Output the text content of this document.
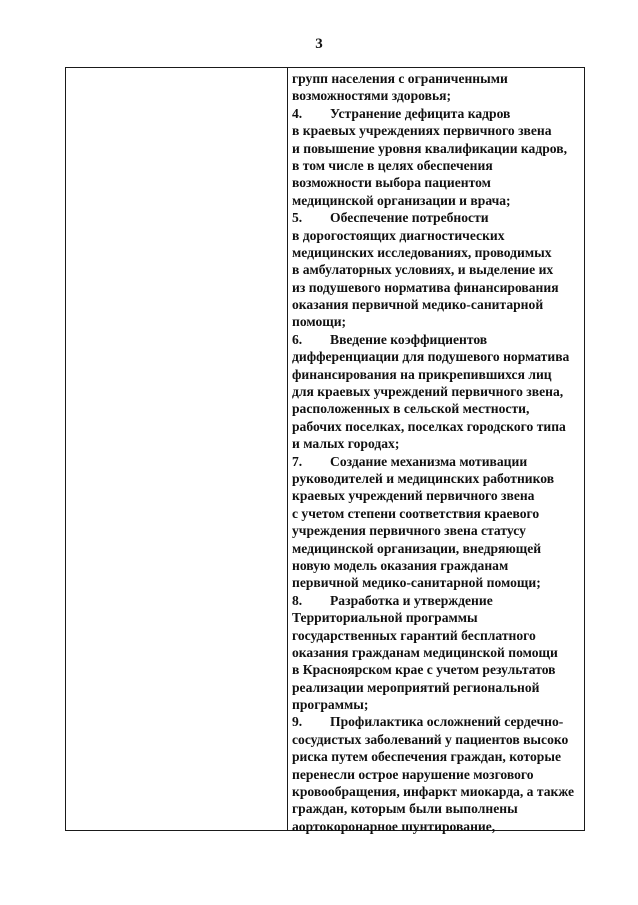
3
групп населения с ограниченными
возможностями здоровья;
4. Устранение дефицита кадров
в краевых учреждениях первичного звена
и повышение уровня квалификации кадров,
в том числе в целях обеспечения
возможности выбора пациентом
медицинской организации и врача;
5. Обеспечение потребности
в дорогостоящих диагностических
медицинских исследованиях, проводимых
в амбулаторных условиях, и выделение их
из подушевого норматива финансирования
оказания первичной медико-санитарной
помощи;
6. Введение коэффициентов
дифференциации для подушевого норматива
финансирования на прикрепившихся лиц
для краевых учреждений первичного звена,
расположенных в сельской местности,
рабочих поселках, поселках городского типа
и малых городах;
7. Создание механизма мотивации
руководителей и медицинских работников
краевых учреждений первичного звена
с учетом степени соответствия краевого
учреждения первичного звена статусу
медицинской организации, внедряющей
новую модель оказания гражданам
первичной медико-санитарной помощи;
8. Разработка и утверждение
Территориальной программы
государственных гарантий бесплатного
оказания гражданам медицинской помощи
в Красноярском крае с учетом результатов
реализации мероприятий региональной
программы;
9. Профилактика осложнений сердечно-
сосудистых заболеваний у пациентов высоко
риска путем обеспечения граждан, которые
перенесли острое нарушение мозгового
кровообращения, инфаркт миокарда, а также
граждан, которым были выполнены
аортокоронарное шунтирование,
